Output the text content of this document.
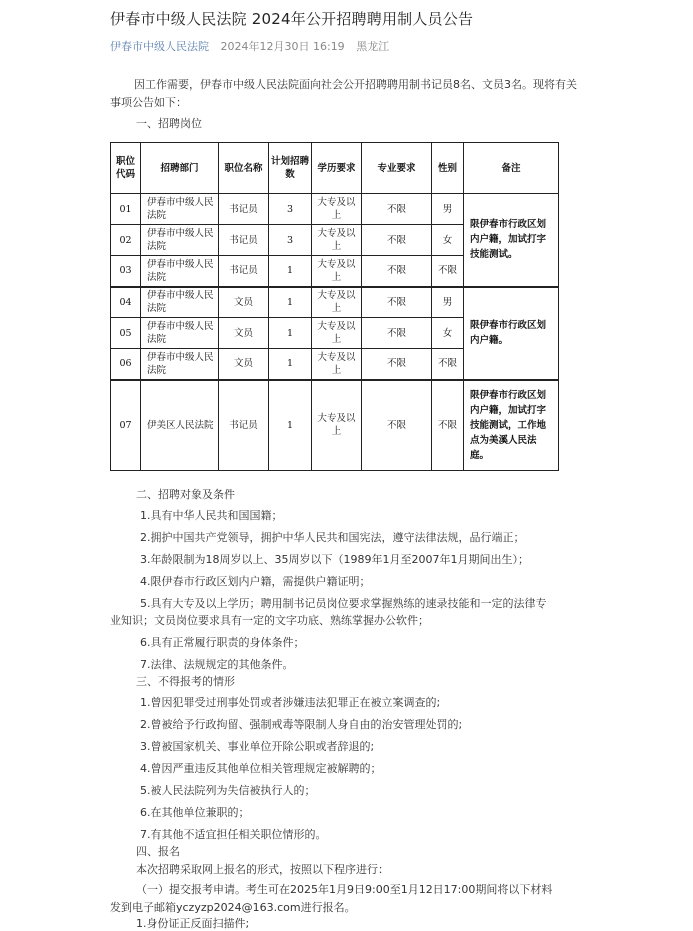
伊春市中级人民法院 2024年公开招聘聘用制人员公告
伊春市中级人民法院 2024年12月30日 16:19 黑龙江
因工作需要，伊春市中级人民法院面向社会公开招聘聘用制书记员8名、文员3名。现将有关事项公告如下：
一、招聘岗位
职位代码	招聘部门	职位名称	计划招聘数	学历要求	专业要求	性别	备注
01	伊春市中级人民法院	书记员	3	大专及以上	不限	男	限伊春市行政区划内户籍，加试打字技能测试。
02	伊春市中级人民法院	书记员	3	大专及以上	不限	女	
03	伊春市中级人民法院	书记员	1	大专及以上	不限	不限	
04	伊春市中级人民法院	文员	1	大专及以上	不限	男	限伊春市行政区划内户籍。
05	伊春市中级人民法院	文员	1	大专及以上	不限	女	
06	伊春市中级人民法院	文员	1	大专及以上	不限	不限	
07	伊美区人民法院	书记员	1	大专及以上	不限	不限	限伊春市行政区划内户籍，加试打字技能测试，工作地点为美溪人民法庭。
二、招聘对象及条件
1.具有中华人民共和国国籍；
2.拥护中国共产党领导，拥护中华人民共和国宪法，遵守法律法规，品行端正；
3.年龄限制为18周岁以上、35周岁以下（1989年1月至2007年1月期间出生）；
4.限伊春市行政区划内户籍，需提供户籍证明；
5.具有大专及以上学历；聘用制书记员岗位要求掌握熟练的速录技能和一定的法律专
业知识；文员岗位要求具有一定的文字功底、熟练掌握办公软件；
6.具有正常履行职责的身体条件；
7.法律、法规规定的其他条件。
三、不得报考的情形
1.曾因犯罪受过刑事处罚或者涉嫌违法犯罪正在被立案调查的;
2.曾被给予行政拘留、强制戒毒等限制人身自由的治安管理处罚的;
3.曾被国家机关、事业单位开除公职或者辞退的;
4.曾因严重违反其他单位相关管理规定被解聘的；
5.被人民法院列为失信被执行人的；
6.在其他单位兼职的；
7.有其他不适宜担任相关职位情形的。
四、报名
本次招聘采取网上报名的形式，按照以下程序进行：
（一）提交报考申请。考生可在2025年1月9日9:00至1月12日17:00期间将以下材料
发到电子邮箱yczyzp2024@163.com进行报名。
1.身份证正反面扫描件;
